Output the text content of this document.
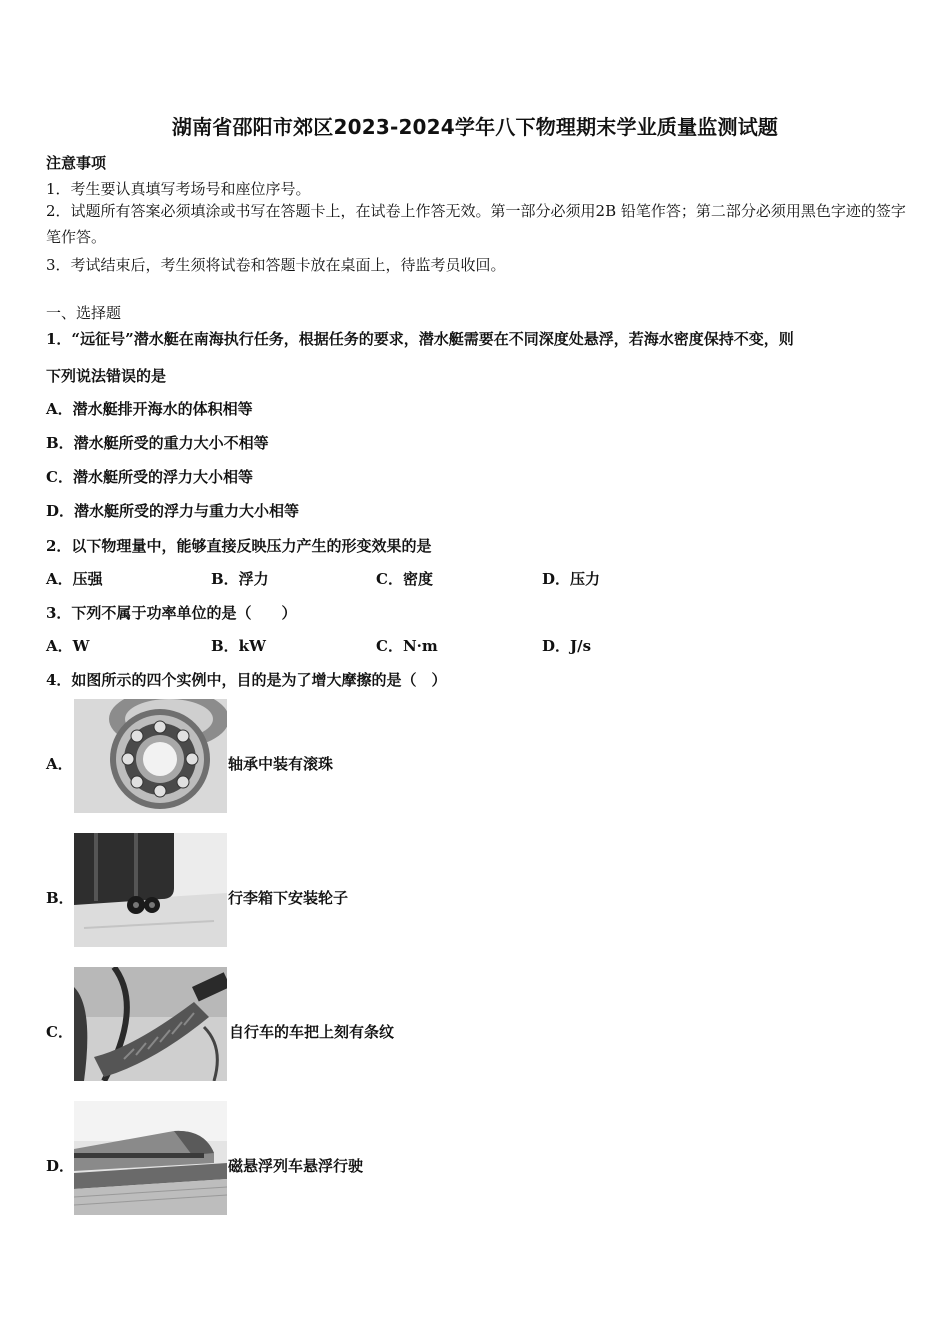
湖南省邵阳市郊区2023-2024学年八下物理期末学业质量监测试题
注意事项
1．考生要认真填写考场号和座位序号。
2．试题所有答案必须填涂或书写在答题卡上，在试卷上作答无效。第一部分必须用2B 铅笔作答；第二部分必须用黑色字迹的签字笔作答。
3．考试结束后，考生须将试卷和答题卡放在桌面上，待监考员收回。
一、选择题
1．“远征号”潜水艇在南海执行任务，根据任务的要求，潜水艇需要在不同深度处悬浮，若海水密度保持不变，则
下列说法错误的是
A．潜水艇排开海水的体积相等
B．潜水艇所受的重力大小不相等
C．潜水艇所受的浮力大小相等
D．潜水艇所受的浮力与重力大小相等
2．以下物理量中，能够直接反映压力产生的形变效果的是
A．压强	B．浮力	C．密度	D．压力
3．下列不属于功率单位的是（　　）
A．W	B．kW	C．N·m	D．J/s
4．如图所示的四个实例中，目的是为了增大摩擦的是（　）
A．	轴承中装有滚珠
B．	行李箱下安装轮子
C．	自行车的车把上刻有条纹
D．	磁悬浮列车悬浮行驶
